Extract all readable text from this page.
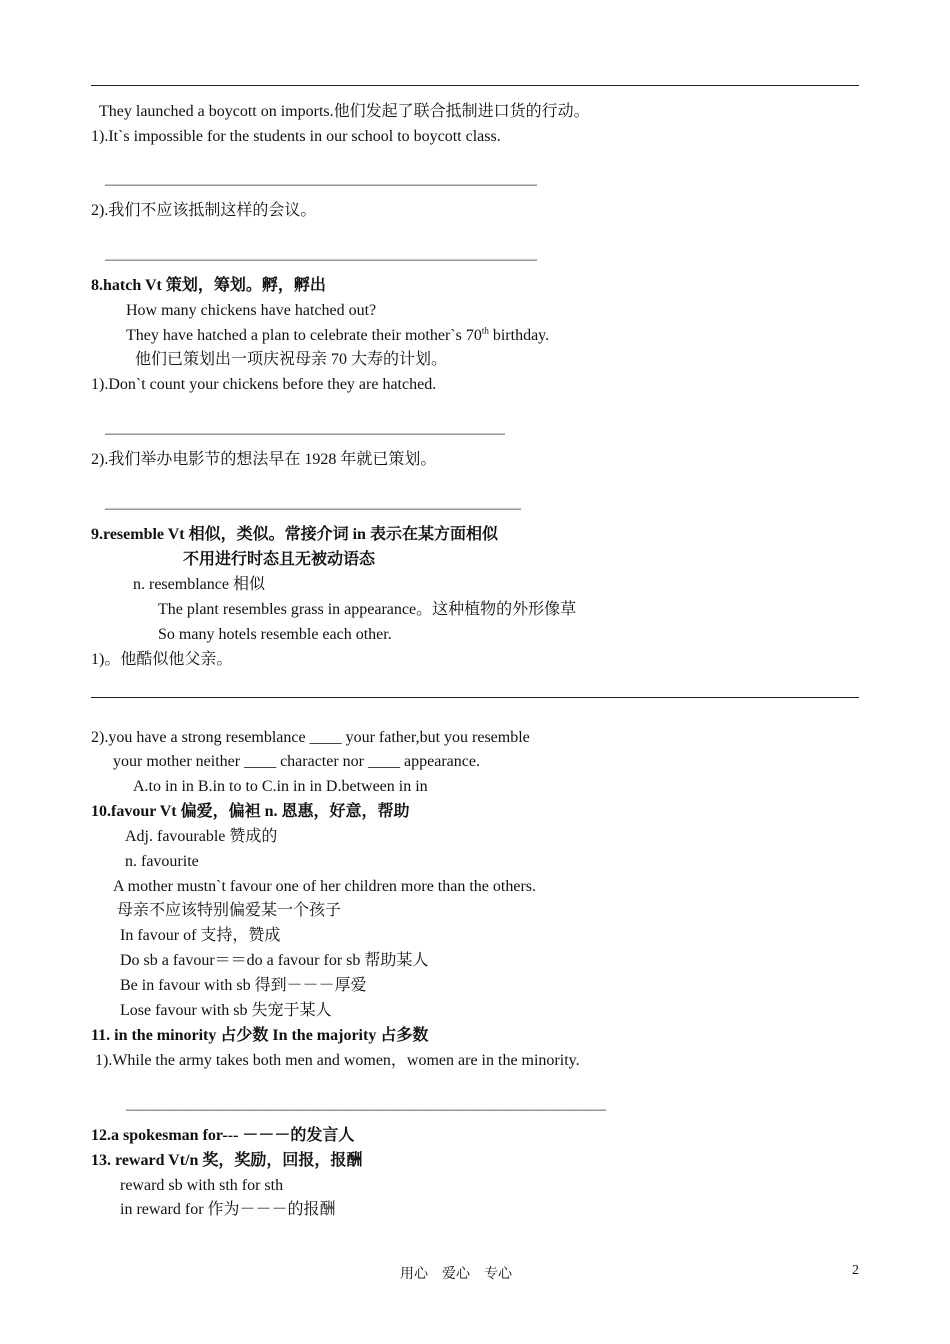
They launched a boycott on imports.他们发起了联合抵制进口货的行动。
1).It`s impossible for the students in our school to boycott class.
———————————————————————————
2).我们不应该抵制这样的会议。
———————————————————————————
8.hatch Vt 策划，筹划。孵，孵出
How many chickens have hatched out?
They have hatched a plan to celebrate their mother`s 70th birthday.
他们已策划出一项庆祝母亲 70 大寿的计划。
1).Don`t count your chickens before they are hatched.
—————————————————————————
2).我们举办电影节的想法早在 1928 年就已策划。
——————————————————————————
9.resemble Vt 相似，类似。常接介词 in 表示在某方面相似
不用进行时态且无被动语态
n. resemblance 相似
The plant resembles grass in appearance。这种植物的外形像草
So many hotels resemble each other.
1)。他酷似他父亲。
2).you have a strong resemblance ____ your father,but you resemble
your mother neither ____ character nor ____ appearance.
A.to in in B.in to to C.in in in D.between in in
10.favour Vt 偏爱，偏袒 n. 恩惠，好意，帮助
Adj. favourable 赞成的
n. favourite
A mother mustn`t favour one of her children more than the others.
母亲不应该特别偏爱某一个孩子
In favour of 支持，赞成
Do sb a favour＝＝do a favour for sb 帮助某人
Be in favour with sb 得到－－－厚爱
Lose favour with sb 失宠于某人
11. in the minority 占少数 In the majority 占多数
1).While the army takes both men and women，women are in the minority.
——————————————————————————————
12.a spokesman for--- －－－的发言人
13. reward Vt/n 奖，奖励，回报，报酬
reward sb with sth for sth
in reward for 作为－－－的报酬
用心    爱心    专心	2
